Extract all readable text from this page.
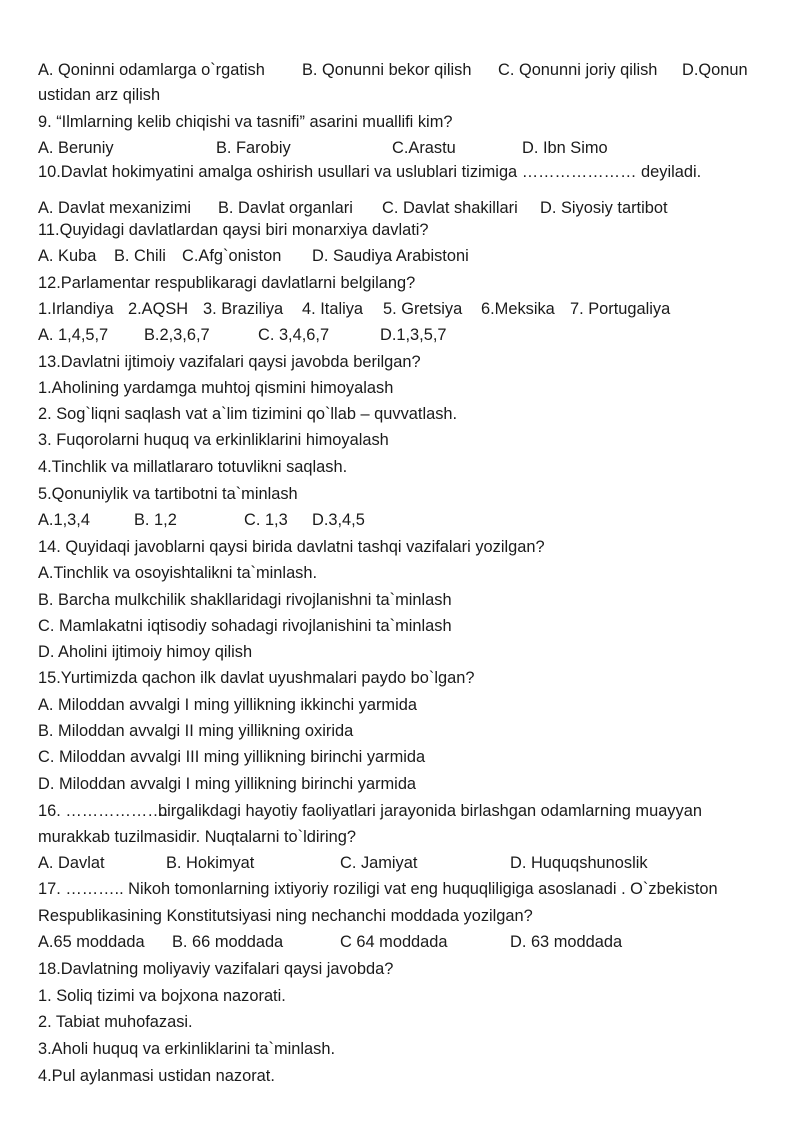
A. Qoninni odamlarga o`rgatish B. Qonunni bekor qilish C. Qonunni joriy qilish D.Qonun
ustidan arz qilish
9. “Ilmlarning kelib chiqishi va tasnifi” asarini muallifi kim?
A. Beruniy	B. Farobiy	C.Arastu	D. Ibn Simo
10.Davlat hokimyatini amalga oshirish usullari va uslublari tizimiga ………………… deyiladi.
A. Davlat mexanizimi B. Davlat organlari C. Davlat shakillari D. Siyosiy tartibot
11.Quyidagi davlatlardan qaysi biri monarxiya davlati?
A. Kuba B. Chili C.Afg`oniston D. Saudiya Arabistoni
12.Parlamentar respublikaragi davlatlarni belgilang?
1.Irlandiya 2.AQSH 3. Braziliya 4. Italiya 5. Gretsiya 6.Meksika 7. Portugaliya
A. 1,4,5,7 B.2,3,6,7	C. 3,4,6,7	D.1,3,5,7
13.Davlatni ijtimoiy vazifalari qaysi javobda berilgan?
1.Aholining yardamga muhtoj qismini himoyalash
2. Sog`liqni saqlash vat a`lim tizimini qo`llab – quvvatlash.
3. Fuqorolarni huquq va erkinliklarini himoyalash
4.Tinchlik va millatlararo totuvlikni saqlash.
5.Qonuniylik va tartibotni ta`minlash
A.1,3,4	B. 1,2	C. 1,3 D.3,4,5
14. Quyidaqi javoblarni qaysi birida davlatni tashqi vazifalari yozilgan?
A.Tinchlik va osoyishtalikni ta`minlash.
B. Barcha mulkchilik shakllaridagi rivojlanishni ta`minlash
C. Mamlakatni iqtisodiy sohadagi rivojlanishini ta`minlash
D. Aholini ijtimoiy himoy qilish
15.Yurtimizda qachon ilk davlat uyushmalari paydo bo`lgan?
A. Miloddan avvalgi I ming yillikning ikkinchi yarmida
B. Miloddan avvalgi II ming yillikning oxirida
C. Miloddan avvalgi III ming yillikning birinchi yarmida
D. Miloddan avvalgi I ming yillikning birinchi yarmida
16. ……………….
birgalikdagi hayotiy faoliyatlari jarayonida birlashgan odamlarning muayyan
murakkab tuzilmasidir. Nuqtalarni to`ldiring?
A. Davlat	B. Hokimyat	C. Jamiyat	D. Huquqshunoslik
17. ……….. Nikoh tomonlarning ixtiyoriy roziligi vat eng huquqliligiga asoslanadi . O`zbekiston
Respublikasining Konstitutsiyasi ning nechanchi moddada yozilgan?
A.65 moddada B. 66 moddada	C 64 moddada	D. 63 moddada
18.Davlatning moliyaviy vazifalari qaysi javobda?
1. Soliq tizimi va bojxona nazorati.
2. Tabiat muhofazasi.
3.Aholi huquq va erkinliklarini ta`minlash.
4.Pul aylanmasi ustidan nazorat.
